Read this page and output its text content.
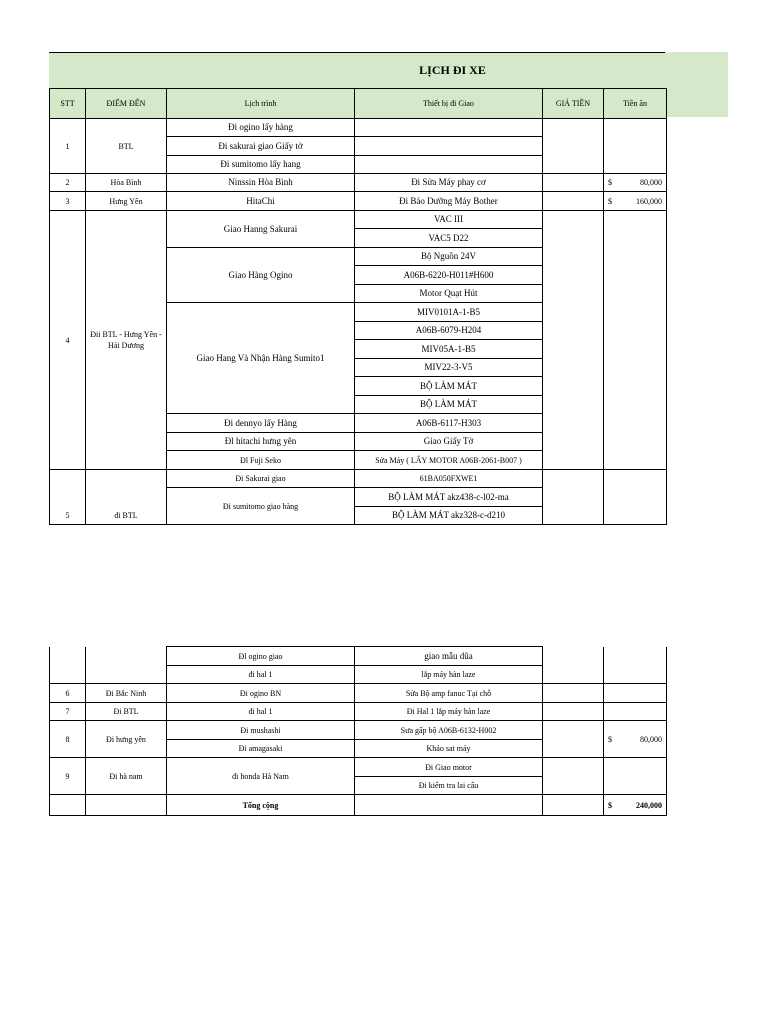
LỊCH ĐI XE
STT	ĐIỂM ĐẾN	Lịch trình	Thiết bị đi Giao	GIÁ TIỀN	Tiền ăn
1	BTL	Đi ogino lấy hàng			
		Đi sakurai giao Giấy tờ			
		Đi sumitomo lấy hang			
2	Hòa Bình	Ninssin Hòa Bình	Đi Sửa Máy phay cơ		$ 80,000

3	Hưng Yên	HitaChi	Đi Bảo Dưỡng Máy Bother		$ 160,000

4	Đii BTL - Hưng Yên - Hải Dương	Giao Hanng Sakurai	VAC III		
			VAC5 D22		
		Giao Hàng Ogino	Bộ Nguồn 24V		
			A06B-6220-H011#H600		
			Motor Quạt Hút		
		Giao Hang Và Nhận Hàng Sumito1	MIV0101A-1-B5		
			A06B-6079-H204		
			MIV05A-1-B5		
			MIV22-3-V5		
			BỘ LÀM MÁT		
			BỘ LÀM MÁT		
		Đi dennyo lấy Hàng	A06B-6117-H303		
		Đl hitachi hưng yên	Giao Giấy Tờ		
		Đl Fuji Seko	Sửa Máy ( LẤY MOTOR A06B-2061-B007 )		
5	đi BTL	Đi Sakurai giao	61BA050FXWE1		
		Đi sumitomo giao hàng	BỘ LÀM MÁT akz438-c-l02-ma		
			BỘ LÀM MÁT akz328-c-d210		
		Đl ogino giao	giao mẫu dũa		
		đi hal 1	lắp máy hàn laze		
6	Đi Bắc Ninh	Đi ogino BN	Sửa Bộ amp fanuc Tại chỗ		
7	Đi BTL	đi hal 1	Đi Hal 1 lắp máy hàn laze		
8	Đi hưng yên	Đi mushashi	Sưa gấp bộ A06B-6132-H002		$ 80,000

		Đi amagasaki	Khảo sat máy		
9	Đi hà nam	đi honda Hà Nam	Đi Giao motor		
			Đi kiểm tra lai cẩu		
		Tổng cộng			$ 240,000
